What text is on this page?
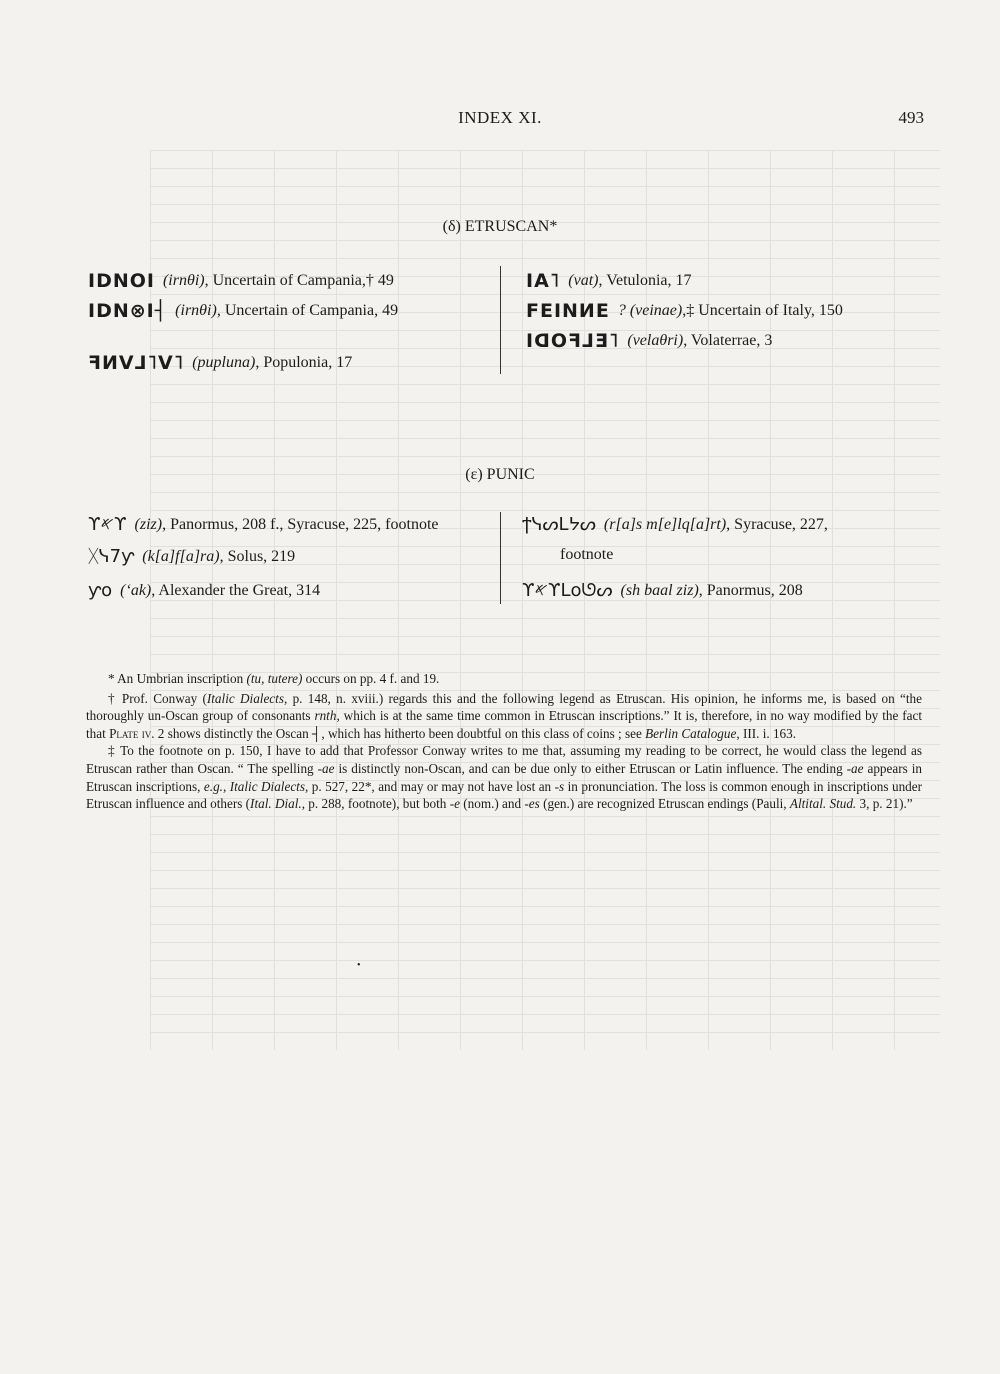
INDEX XI.	493
(δ) ETRUSCAN*
IDNOI (irnθi) , Uncertain of Campania,† 49
IDN⊗I┤ (irnθi) , Uncertain of Campania, 49
ꟻИVᒧ˥V˥ (pupluna) , Populonia, 17
IA˥ (vat) , Vetulonia, 17
FEINИE ? (veinae) ,‡ Uncertain of Italy, 150
IᗡOꟻᒧƎ˥ (velaθri) , Volaterrae, 3
(ε) PUNIC
ϒ𐤀ϒ (ziz) , Panormus, 208 f., Syracuse, 225, footnote
ᚷᓭ7ƴ (k[a]f[a]ra) , Solus, 219
ƴo (‘ak) , Alexander the Great, 314
ϯᓭᔕᒪᔭᔕ (r[a]s m[e]lq[a]rt) , Syracuse, 227,
footnote
ϒ𐤀ϒᒪоᘎᔕ (sh baal ziz) , Panormus, 208

* An Umbrian inscription (tu, tutere) occurs on pp. 4 f. and 19.

† Prof. Conway (Italic Dialects, p. 148, n. xviii.) regards this and the following legend as Etruscan. His opinion, he informs me, is based on “the thoroughly un-Oscan group of consonants rnth, which is at the same time common in Etruscan inscriptions.” It is, therefore, in no way modified by the fact that Plate iv. 2 shows distinctly the Oscan ┤, which has hitherto been doubtful on this class of coins ; see Berlin Catalogue, III. i. 163.

‡ To the footnote on p. 150, I have to add that Professor Conway writes to me that, assuming my reading to be correct, he would class the legend as Etruscan rather than Oscan. “ The spelling -ae is distinctly non-Oscan, and can be due only to either Etruscan or Latin influence. The ending -ae appears in Etruscan inscriptions, e.g., Italic Dialects, p. 527, 22*, and may or may not have lost an -s in pronunciation. The loss is common enough in inscriptions under Etruscan influence and others (Ital. Dial., p. 288, footnote), but both -e (nom.) and -es (gen.) are recognized Etruscan endings (Pauli, Altital. Stud. 3, p. 21).”

•
